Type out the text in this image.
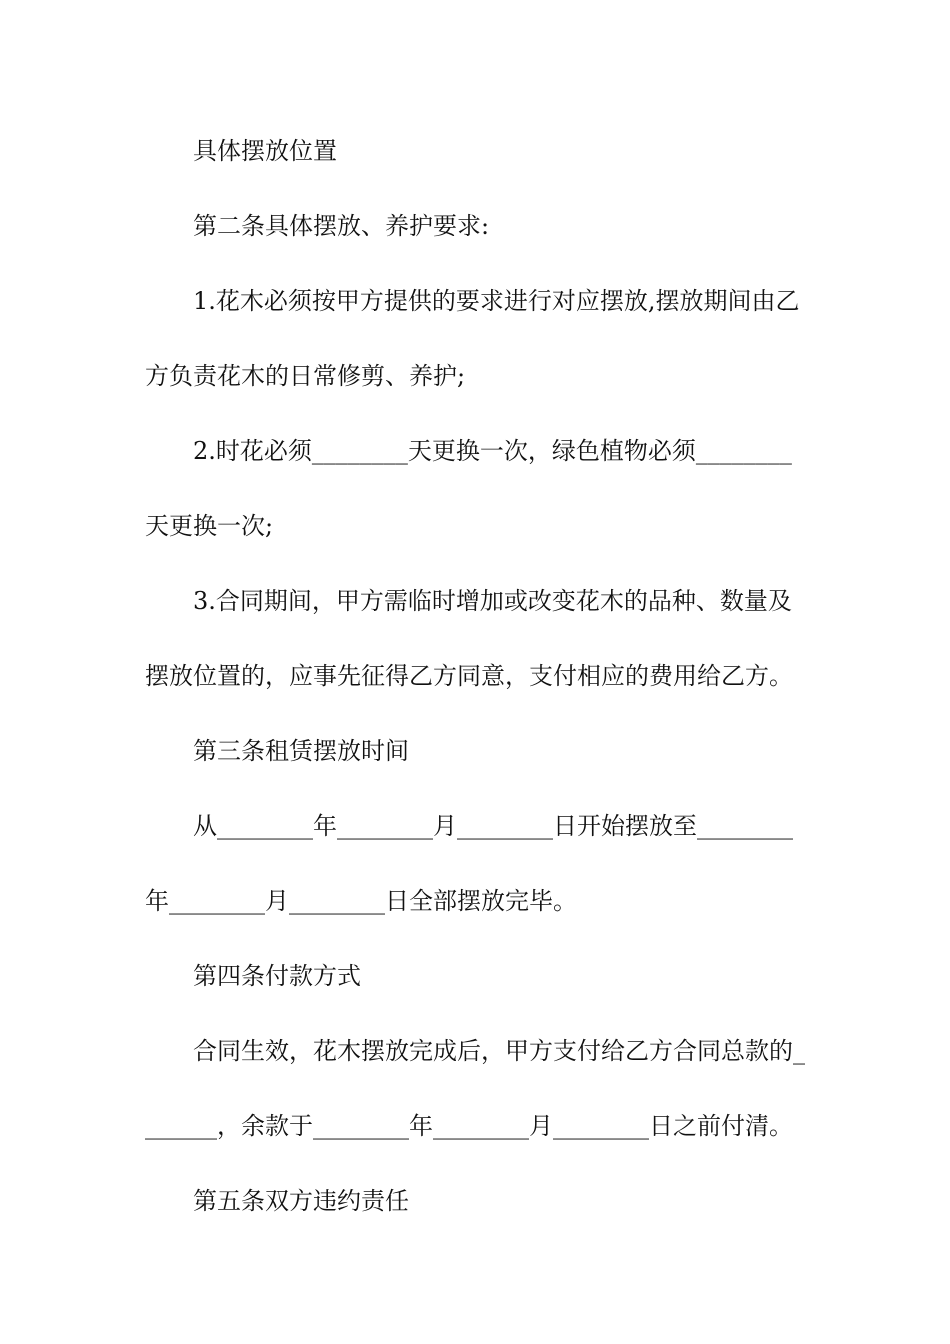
具体摆放位置
第二条具体摆放、养护要求:
1.花木必须按甲方提供的要求进行对应摆放,摆放期间由乙
方负责花木的日常修剪、养护;
2.时花必须________天更换一次，绿色植物必须________
天更换一次;
3.合同期间，甲方需临时增加或改变花木的品种、数量及
摆放位置的，应事先征得乙方同意，支付相应的费用给乙方。
第三条租赁摆放时间
从________年________月________日开始摆放至________
年________月________日全部摆放完毕。
第四条付款方式
合同生效，花木摆放完成后，甲方支付给乙方合同总款的_
______，余款于________年________月________日之前付清。
第五条双方违约责任
